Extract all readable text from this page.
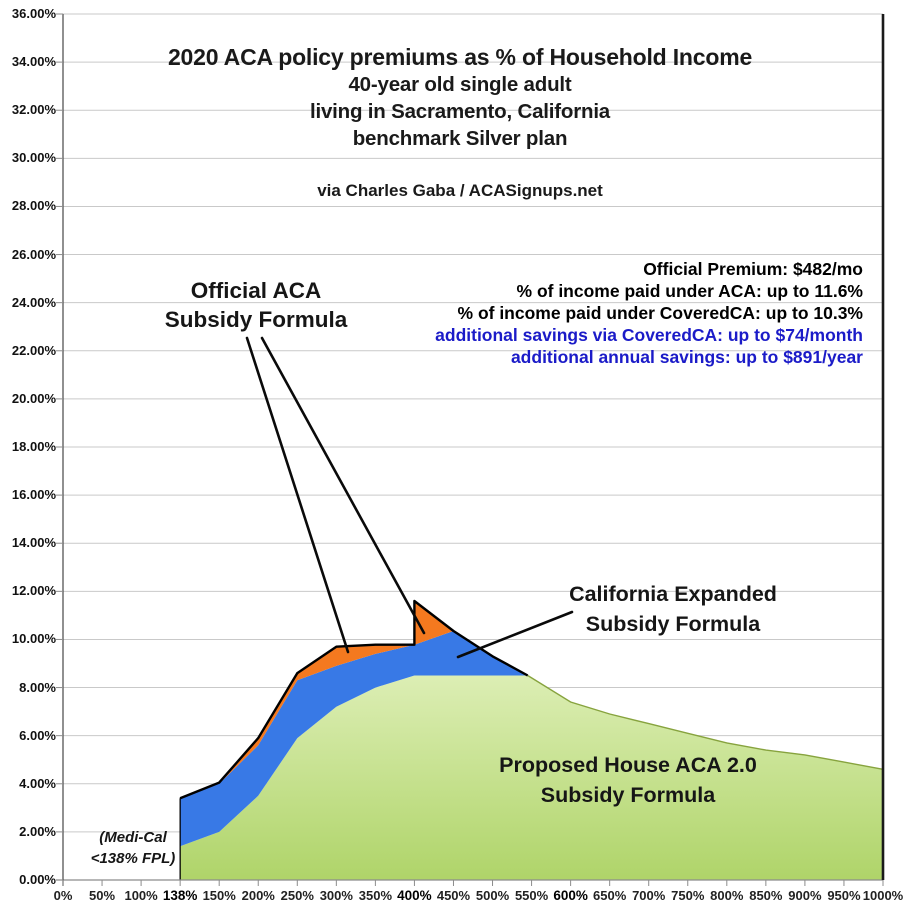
2020 ACA policy premiums as % of Household Income
40-year old single adult
living in Sacramento, California
benchmark Silver plan
via Charles Gaba / ACASignups.net
Official Premium: $482/mo
% of income paid under ACA: up to 11.6%
% of income paid under CoveredCA: up to 10.3%
additional savings via CoveredCA: up to $74/month
additional annual savings: up to $891/year
Official ACA
Subsidy Formula
California Expanded
Subsidy Formula
Proposed House ACA 2.0
Subsidy Formula
(Medi-Cal
<138% FPL)
0.00%
2.00%
4.00%
6.00%
8.00%
10.00%
12.00%
14.00%
16.00%
18.00%
20.00%
22.00%
24.00%
26.00%
28.00%
30.00%
32.00%
34.00%
36.00%
0% 50% 100% 138% 150% 200% 250% 300% 350% 400% 450% 500% 550% 600% 650% 700% 750% 800% 850% 900% 950% 1000%
